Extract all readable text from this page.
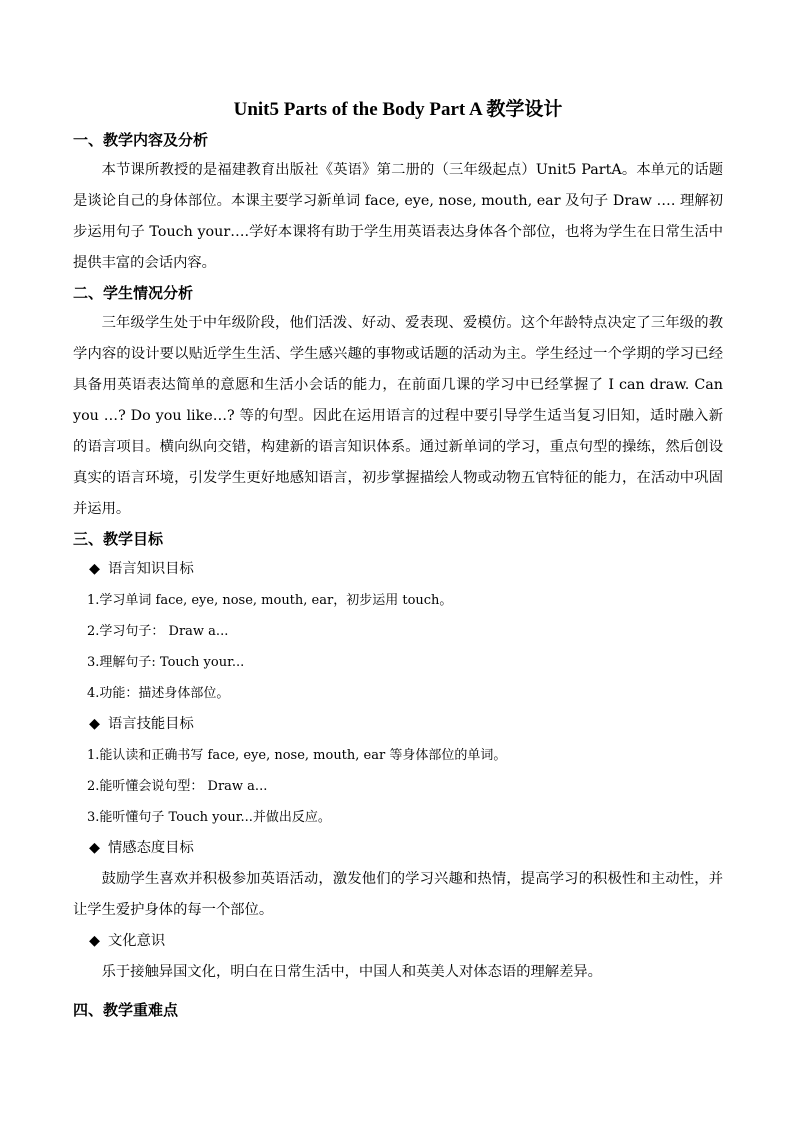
Unit5 Parts of the Body Part A 教学设计
一、教学内容及分析

本节课所教授的是福建教育出版社《英语》第二册的（三年级起点）Unit5 PartA。本单元的话题是谈论自己的身体部位。本课主要学习新单词 face, eye, nose, mouth, ear 及句子 Draw …. 理解初步运用句子 Touch your….学好本课将有助于学生用英语表达身体各个部位，也将为学生在日常生活中提供丰富的会话内容。

二、学生情况分析

三年级学生处于中年级阶段，他们活泼、好动、爱表现、爱模仿。这个年龄特点决定了三年级的教学内容的设计要以贴近学生生活、学生感兴趣的事物或话题的活动为主。学生经过一个学期的学习已经具备用英语表达简单的意愿和生活小会话的能力，在前面几课的学习中已经掌握了 I can draw. Can you …? Do you like…? 等的句型。因此在运用语言的过程中要引导学生适当复习旧知，适时融入新的语言项目。横向纵向交错，构建新的语言知识体系。通过新单词的学习，重点句型的操练，然后创设真实的语言环境，引发学生更好地感知语言，初步掌握描绘人物或动物五官特征的能力，在活动中巩固并运用。

三、教学目标
◆ 语言知识目标
1.学习单词 face, eye, nose, mouth, ear，初步运用 touch。
2.学习句子： Draw a...
3.理解句子: Touch your...
4.功能：描述身体部位。
◆ 语言技能目标
1.能认读和正确书写 face, eye, nose, mouth, ear 等身体部位的单词。
2.能听懂会说句型： Draw a...
3.能听懂句子 Touch your...并做出反应。
◆ 情感态度目标

鼓励学生喜欢并积极参加英语活动，激发他们的学习兴趣和热情，提高学习的积极性和主动性，并让学生爱护身体的每一个部位。

◆ 文化意识

乐于接触异国文化，明白在日常生活中，中国人和英美人对体态语的理解差异。

四、教学重难点
